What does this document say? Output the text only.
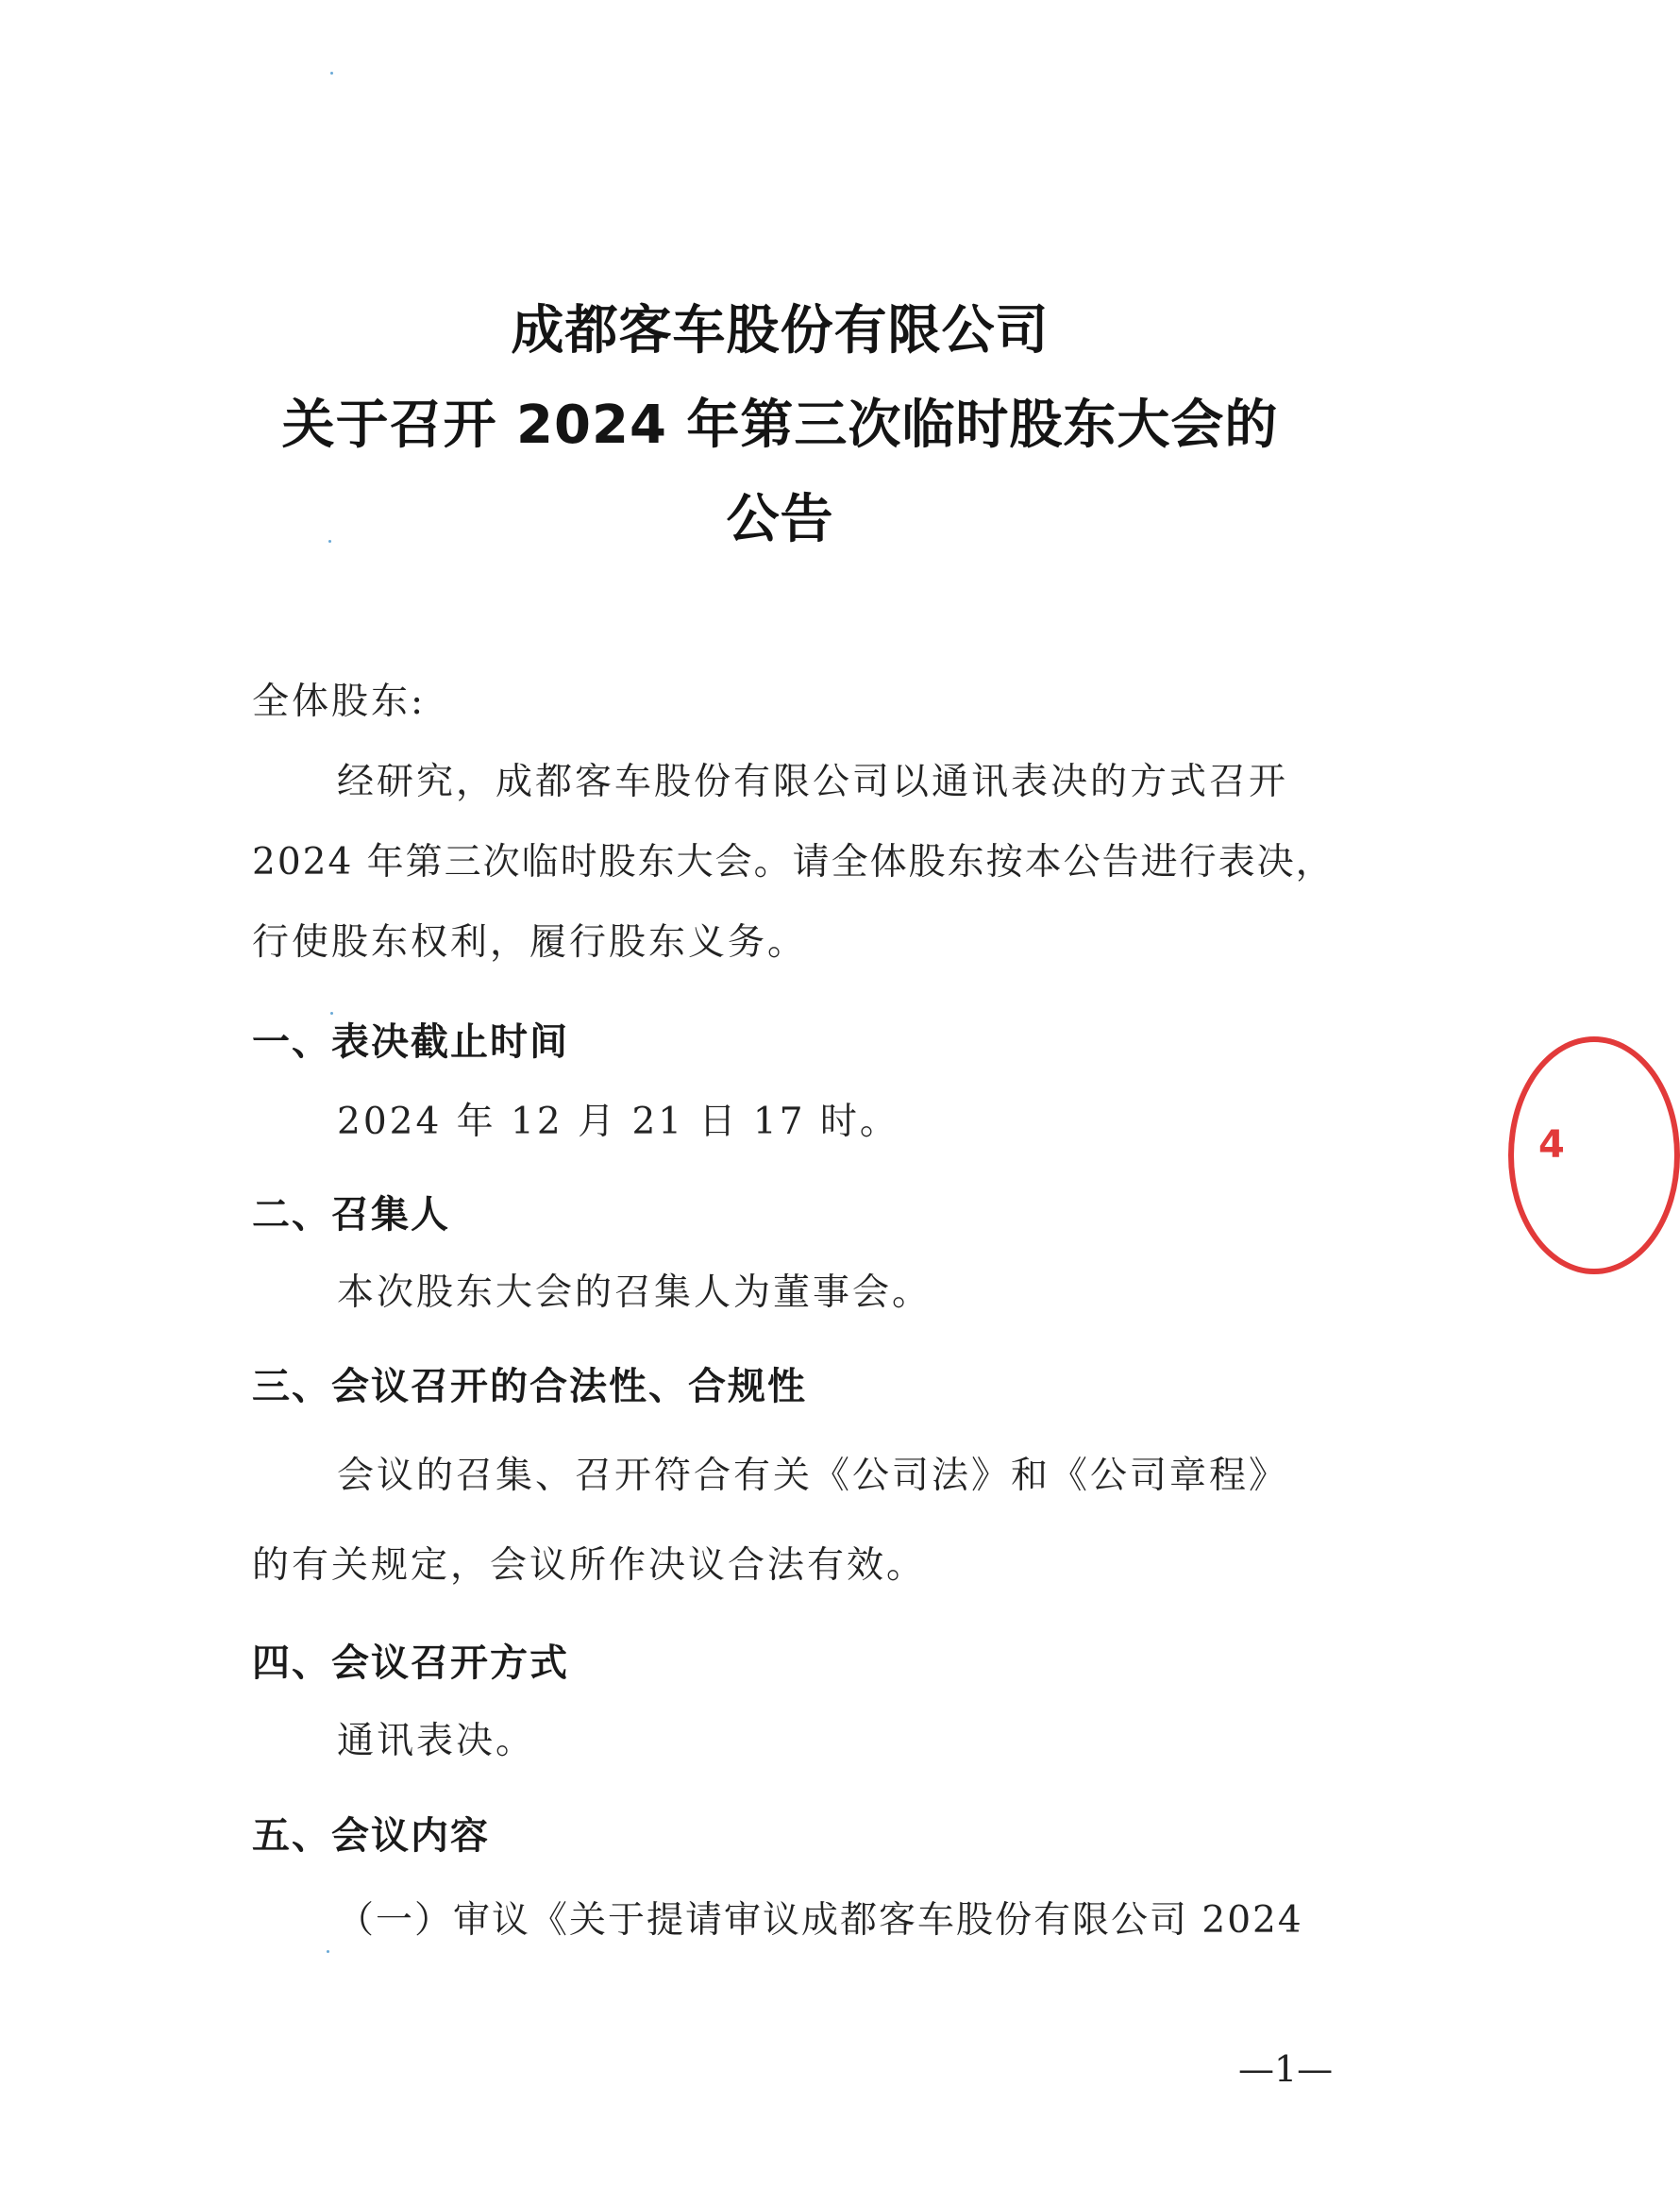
成都客车股份有限公司
关于召开 2024 年第三次临时股东大会的
公告
全体股东:
经研究，成都客车股份有限公司以通讯表决的方式召开
2024 年第三次临时股东大会。请全体股东按本公告进行表决，
行使股东权利，履行股东义务。
一、表决截止时间
2024 年 12 月 21 日 17 时。
二、召集人
本次股东大会的召集人为董事会。
三、会议召开的合法性、合规性
会议的召集、召开符合有关《公司法》和《公司章程》
的有关规定，会议所作决议合法有效。
四、会议召开方式
通讯表决。
五、会议内容
（一）审议《关于提请审议成都客车股份有限公司 2024
—1—
4
